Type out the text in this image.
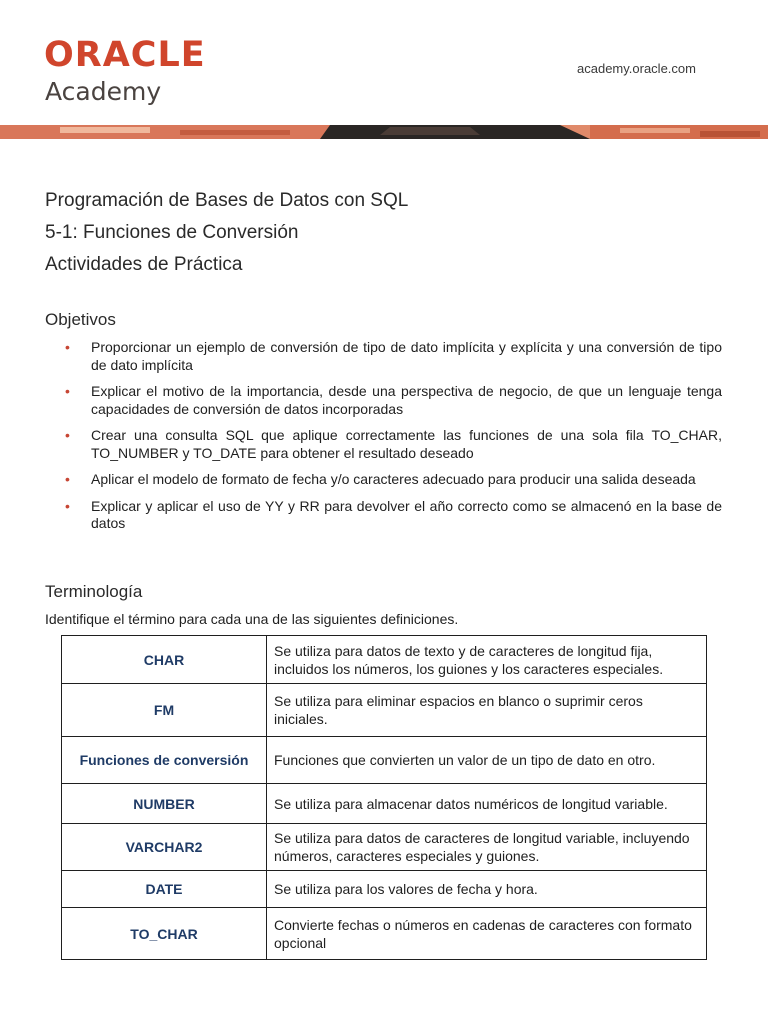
ORACLE
Academy
academy.oracle.com
Programación de Bases de Datos con SQL
5-1: Funciones de Conversión
Actividades de Práctica
Objetivos
• Proporcionar un ejemplo de conversión de tipo de dato implícita y explícita y una conversión de tipo de dato implícita
• Explicar el motivo de la importancia, desde una perspectiva de negocio, de que un lenguaje tenga capacidades de conversión de datos incorporadas
• Crear una consulta SQL que aplique correctamente las funciones de una sola fila TO_CHAR, TO_NUMBER y TO_DATE para obtener el resultado deseado
• Aplicar el modelo de formato de fecha y/o caracteres adecuado para producir una salida deseada
• Explicar y aplicar el uso de YY y RR para devolver el año correcto como se almacenó en la base de datos
Terminología

Identifique el término para cada una de las siguientes definiciones.

CHAR	Se utiliza para datos de texto y de caracteres de longitud fija, incluidos los números, los guiones y los caracteres especiales.
FM	Se utiliza para eliminar espacios en blanco o suprimir ceros iniciales.
Funciones de conversión	Funciones que convierten un valor de un tipo de dato en otro.
NUMBER	Se utiliza para almacenar datos numéricos de longitud variable.
VARCHAR2	Se utiliza para datos de caracteres de longitud variable, incluyendo números, caracteres especiales y guiones.
DATE	Se utiliza para los valores de fecha y hora.
TO_CHAR	Convierte fechas o números en cadenas de caracteres con formato opcional
